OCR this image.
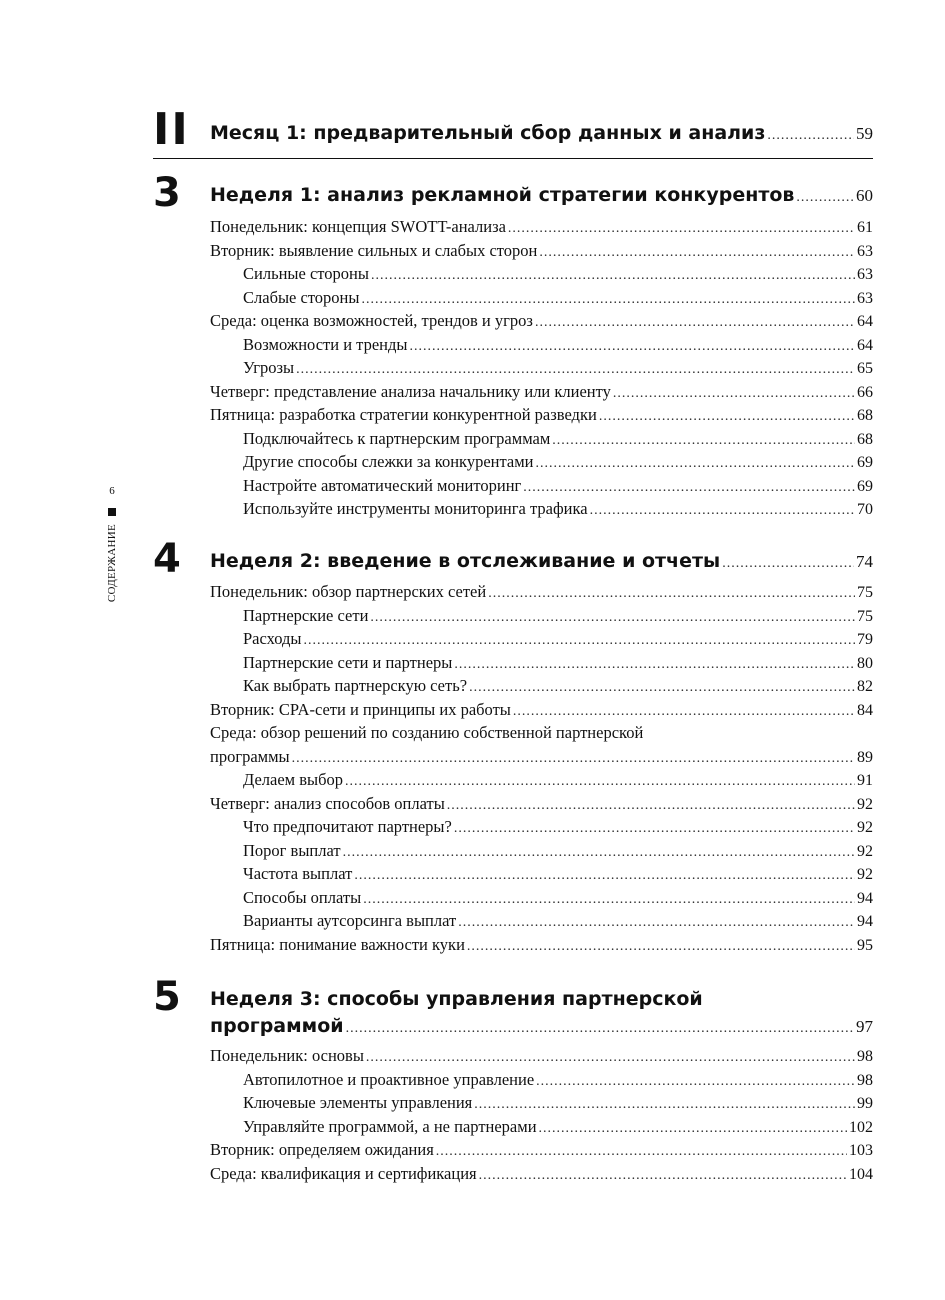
6
СОДЕРЖАНИЕ
II Месяц 1: предварительный сбор данных и анализ .....	59
3 Неделя 1: анализ рекламной стратегии конкурентов .....	60
Понедельник: концепция SWOTT-анализа .....	61
Вторник: выявление сильных и слабых сторон .....	63
Сильные стороны .....	63
Слабые стороны .....	63
Среда: оценка возможностей, трендов и угроз .....	64
Возможности и тренды .....	64
Угрозы .....	65
Четверг: представление анализа начальнику или клиенту .....	66
Пятница: разработка стратегии конкурентной разведки .....	68
Подключайтесь к партнерским программам .....	68
Другие способы слежки за конкурентами .....	69
Настройте автоматический мониторинг .....	69
Используйте инструменты мониторинга трафика .....	70
4 Неделя 2: введение в отслеживание и отчеты .....	74
Понедельник: обзор партнерских сетей .....	75
Партнерские сети .....	75
Расходы .....	79
Партнерские сети и партнеры .....	80
Как выбрать партнерскую сеть? .....	82
Вторник: CPA-сети и принципы их работы .....	84
Среда: обзор решений по созданию собственной партнерской
программы .....	89
Делаем выбор .....	91
Четверг: анализ способов оплаты .....	92
Что предпочитают партнеры? .....	92
Порог выплат .....	92
Частота выплат .....	92
Способы оплаты .....	94
Варианты аутсорсинга выплат .....	94
Пятница: понимание важности куки .....	95
5 Неделя 3: способы управления партнерской
программой .....	97
Понедельник: основы .....	98
Автопилотное и проактивное управление .....	98
Ключевые элементы управления .....	99
Управляйте программой, а не партнерами .....	102
Вторник: определяем ожидания .....	103
Среда: квалификация и сертификация .....	104
